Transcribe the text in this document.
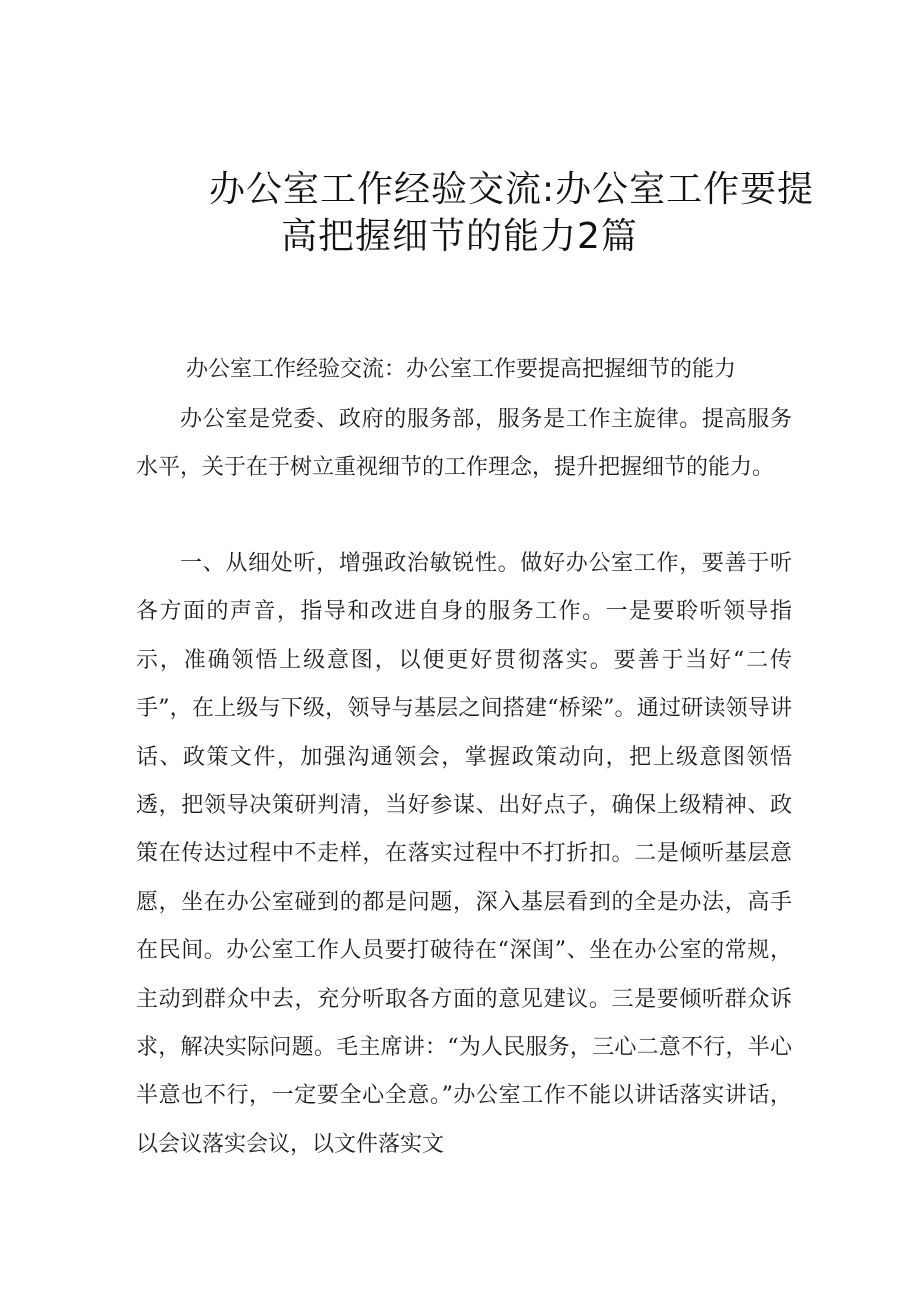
办公室工作经验交流:办公室工作要提
高把握细节的能力2篇
办公室工作经验交流：办公室工作要提高把握细节的能力

办公室是党委、政府的服务部，服务是工作主旋律。提高服务水平，关于在于树立重视细节的工作理念，提升把握细节的能力。

一、从细处听，增强政治敏锐性。做好办公室工作，要善于听各方面的声音，指导和改进自身的服务工作。一是要聆听领导指示，准确领悟上级意图，以便更好贯彻落实。要善于当好“二传手”，在上级与下级，领导与基层之间搭建“桥梁”。通过研读领导讲话、政策文件，加强沟通领会，掌握政策动向，把上级意图领悟透，把领导决策研判清，当好参谋、出好点子，确保上级精神、政策在传达过程中不走样，在落实过程中不打折扣。二是倾听基层意愿，坐在办公室碰到的都是问题，深入基层看到的全是办法，高手在民间。办公室工作人员要打破待在“深闺”、坐在办公室的常规，主动到群众中去，充分听取各方面的意见建议。三是要倾听群众诉求，解决实际问题。毛主席讲：“为人民服务，三心二意不行，半心半意也不行，一定要全心全意。”办公室工作不能以讲话落实讲话，以会议落实会议，以文件落实文
